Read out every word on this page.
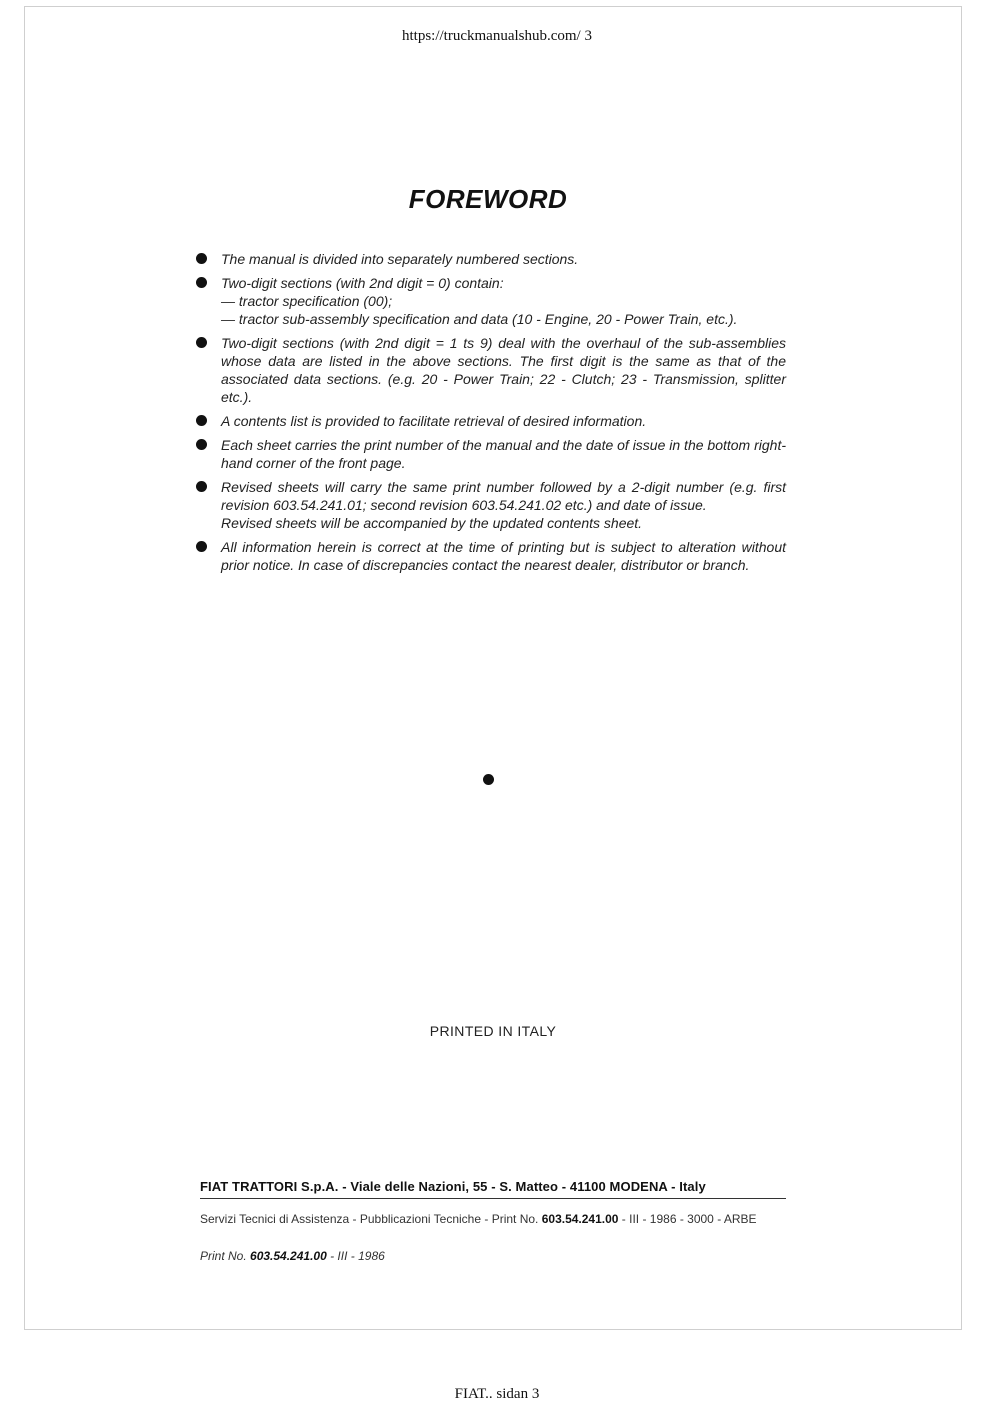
https://truckmanualshub.com/ 3
FOREWORD
The manual is divided into separately numbered sections.
Two-digit sections (with 2nd digit = 0) contain:
— tractor specification (00);
— tractor sub-assembly specification and data (10 - Engine, 20 - Power Train, etc.).
Two-digit sections (with 2nd digit = 1 ts 9) deal with the overhaul of the sub-assemblies whose data are listed in the above sections. The first digit is the same as that of the associated data sections. (e.g. 20 - Power Train; 22 - Clutch; 23 - Transmission, splitter etc.).
A contents list is provided to facilitate retrieval of desired information.
Each sheet carries the print number of the manual and the date of issue in the bottom right-hand corner of the front page.
Revised sheets will carry the same print number followed by a 2-digit number (e.g. first revision 603.54.241.01; second revision 603.54.241.02 etc.) and date of issue.
Revised sheets will be accompanied by the updated contents sheet.
All information herein is correct at the time of printing but is subject to alteration without prior notice. In case of discrepancies contact the nearest dealer, distributor or branch.
PRINTED IN ITALY
FIAT TRATTORI S.p.A. - Viale delle Nazioni, 55 - S. Matteo - 41100 MODENA - Italy
Servizi Tecnici di Assistenza - Pubblicazioni Tecniche - Print No. 603.54.241.00 - III - 1986 - 3000 - ARBE
Print No. 603.54.241.00 - III - 1986
FIAT.. sidan 3
